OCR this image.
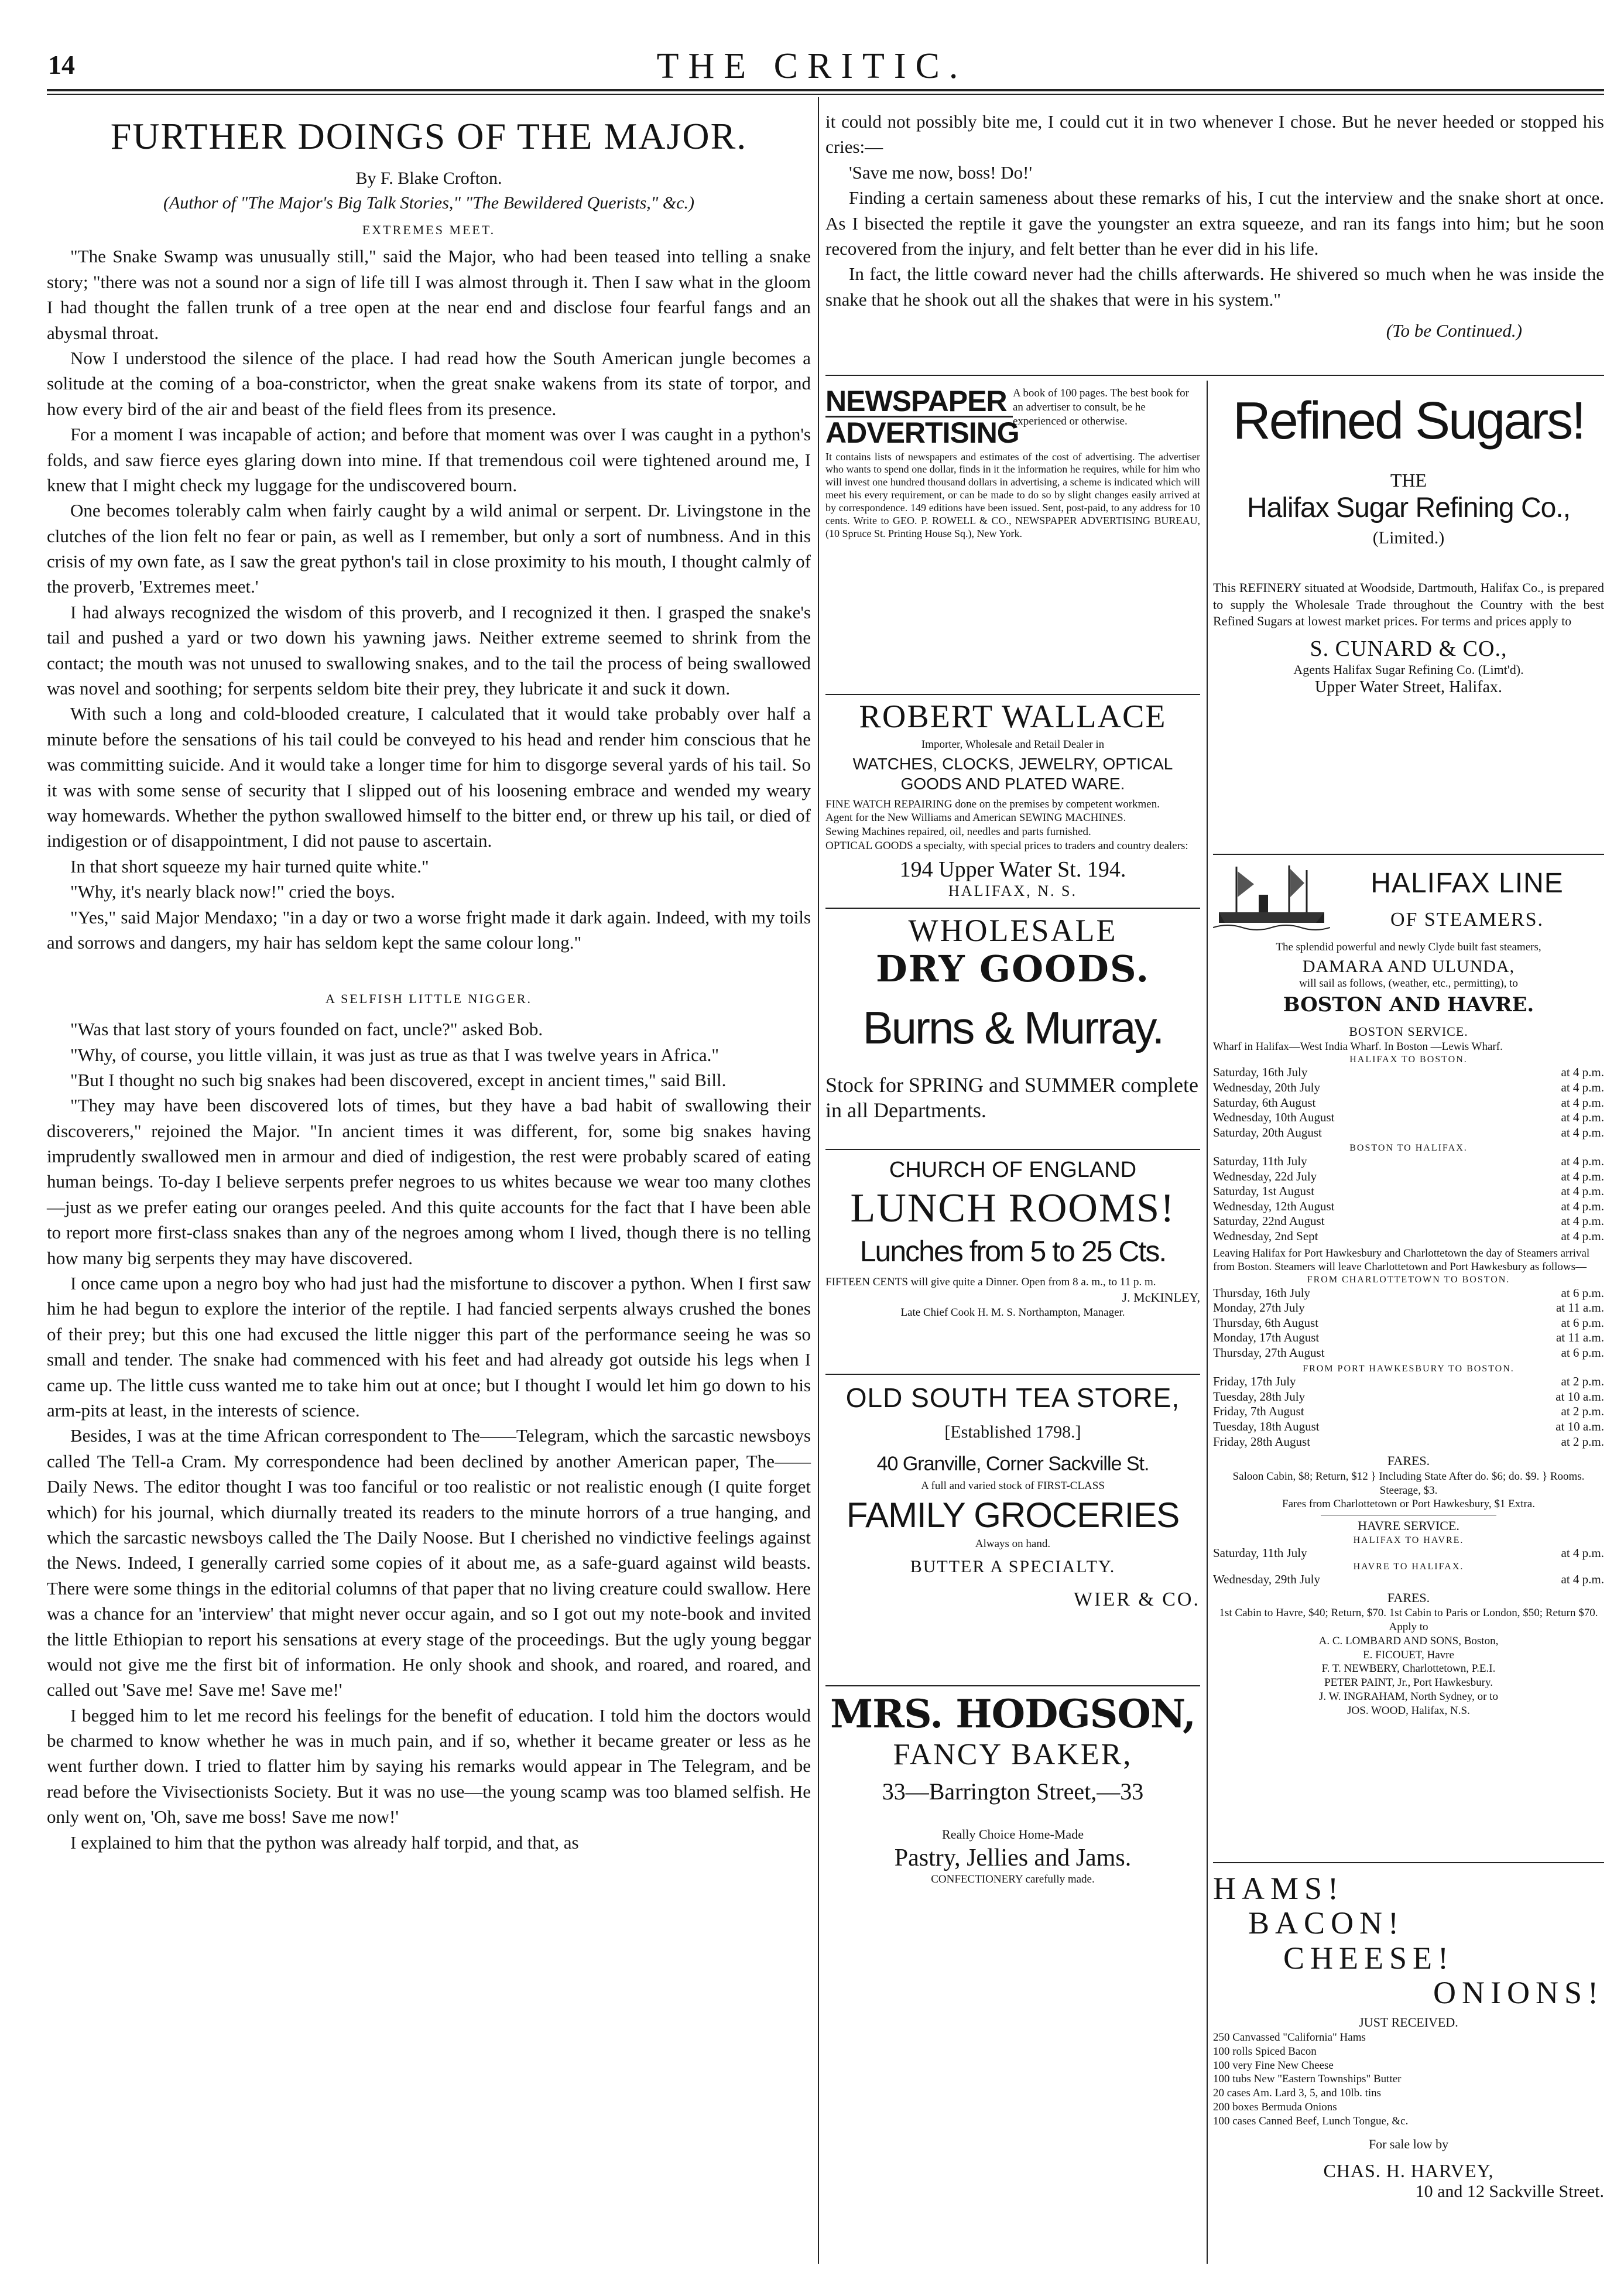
14	THE CRITIC.

FURTHER DOINGS OF THE MAJOR.

By F. Blake Crofton.

(Author of "The Major's Big Talk Stories," "The Bewildered Querists," &c.)

EXTREMES MEET.

"The Snake Swamp was unusually still," said the Major, who had been teased into telling a snake story; "there was not a sound nor a sign of life till I was almost through it. Then I saw what in the gloom I had thought the fallen trunk of a tree open at the near end and disclose four fearful fangs and an abysmal throat.

Now I understood the silence of the place. I had read how the South American jungle becomes a solitude at the coming of a boa-constrictor, when the great snake wakens from its state of torpor, and how every bird of the air and beast of the field flees from its presence.

For a moment I was incapable of action; and before that moment was over I was caught in a python's folds, and saw fierce eyes glaring down into mine. If that tremendous coil were tightened around me, I knew that I might check my luggage for the undiscovered bourn.

One becomes tolerably calm when fairly caught by a wild animal or serpent. Dr. Livingstone in the clutches of the lion felt no fear or pain, as well as I remember, but only a sort of numbness. And in this crisis of my own fate, as I saw the great python's tail in close proximity to his mouth, I thought calmly of the proverb, 'Extremes meet.'

I had always recognized the wisdom of this proverb, and I recognized it then. I grasped the snake's tail and pushed a yard or two down his yawning jaws. Neither extreme seemed to shrink from the contact; the mouth was not unused to swallowing snakes, and to the tail the process of being swallowed was novel and soothing; for serpents seldom bite their prey, they lubricate it and suck it down.

With such a long and cold-blooded creature, I calculated that it would take probably over half a minute before the sensations of his tail could be conveyed to his head and render him conscious that he was committing suicide. And it would take a longer time for him to disgorge several yards of his tail. So it was with some sense of security that I slipped out of his loosening embrace and wended my weary way homewards. Whether the python swallowed himself to the bitter end, or threw up his tail, or died of indigestion or of disappointment, I did not pause to ascertain.

In that short squeeze my hair turned quite white."

"Why, it's nearly black now!" cried the boys.

"Yes," said Major Mendaxo; "in a day or two a worse fright made it dark again. Indeed, with my toils and sorrows and dangers, my hair has seldom kept the same colour long."

A SELFISH LITTLE NIGGER.

"Was that last story of yours founded on fact, uncle?" asked Bob.

"Why, of course, you little villain, it was just as true as that I was twelve years in Africa."

"But I thought no such big snakes had been discovered, except in ancient times," said Bill.

"They may have been discovered lots of times, but they have a bad habit of swallowing their discoverers," rejoined the Major. "In ancient times it was different, for, some big snakes having imprudently swallowed men in armour and died of indigestion, the rest were probably scared of eating human beings. To-day I believe serpents prefer negroes to us whites because we wear too many clothes—just as we prefer eating our oranges peeled. And this quite accounts for the fact that I have been able to report more first-class snakes than any of the negroes among whom I lived, though there is no telling how many big serpents they may have discovered.

I once came upon a negro boy who had just had the misfortune to discover a python. When I first saw him he had begun to explore the interior of the reptile. I had fancied serpents always crushed the bones of their prey; but this one had excused the little nigger this part of the performance seeing he was so small and tender. The snake had commenced with his feet and had already got outside his legs when I came up. The little cuss wanted me to take him out at once; but I thought I would let him go down to his arm-pits at least, in the interests of science.

Besides, I was at the time African correspondent to The——Telegram, which the sarcastic newsboys called The Tell-a Cram. My correspondence had been declined by another American paper, The——Daily News. The editor thought I was too fanciful or too realistic or not realistic enough (I quite forget which) for his journal, which diurnally treated its readers to the minute horrors of a true hanging, and which the sarcastic newsboys called the The Daily Noose. But I cherished no vindictive feelings against the News. Indeed, I generally carried some copies of it about me, as a safe-guard against wild beasts. There were some things in the editorial columns of that paper that no living creature could swallow. Here was a chance for an 'interview' that might never occur again, and so I got out my note-book and invited the little Ethiopian to report his sensations at every stage of the proceedings. But the ugly young beggar would not give me the first bit of information. He only shook and shook, and roared, and roared, and called out 'Save me! Save me! Save me!'

I begged him to let me record his feelings for the benefit of education. I told him the doctors would be charmed to know whether he was in much pain, and if so, whether it became greater or less as he went further down. I tried to flatter him by saying his remarks would appear in The Telegram, and be read before the Vivisectionists Society. But it was no use—the young scamp was too blamed selfish. He only went on, 'Oh, save me boss! Save me now!'

I explained to him that the python was already half torpid, and that, as

it could not possibly bite me, I could cut it in two whenever I chose. But he never heeded or stopped his cries:—

'Save me now, boss! Do!'

Finding a certain sameness about these remarks of his, I cut the interview and the snake short at once. As I bisected the reptile it gave the youngster an extra squeeze, and ran its fangs into him; but he soon recovered from the injury, and felt better than he ever did in his life.

In fact, the little coward never had the chills afterwards. He shivered so much when he was inside the snake that he shook out all the shakes that were in his system."

(To be Continued.)

NEWSPAPER
ADVERTISING
A book of 100 pages. The best book for an advertiser to consult, be he experienced or otherwise.
It contains lists of newspapers and estimates of the cost of advertising. The advertiser who wants to spend one dollar, finds in it the information he requires, while for him who will invest one hundred thousand dollars in advertising, a scheme is indicated which will meet his every requirement, or can be made to do so by slight changes easily arrived at by correspondence. 149 editions have been issued. Sent, post-paid, to any address for 10 cents. Write to GEO. P. ROWELL & CO., NEWSPAPER ADVERTISING BUREAU, (10 Spruce St. Printing House Sq.), New York.
ROBERT WALLACE
Importer, Wholesale and Retail Dealer in
WATCHES, CLOCKS, JEWELRY, OPTICAL GOODS AND PLATED WARE.
FINE WATCH REPAIRING done on the premises by competent workmen.
Agent for the New Williams and American SEWING MACHINES.
Sewing Machines repaired, oil, needles and parts furnished.
OPTICAL GOODS a specialty, with special prices to traders and country dealers:
194 Upper Water St. 194.
HALIFAX, N. S.
WHOLESALE
DRY GOODS.
Burns & Murray.
Stock for SPRING and SUMMER complete in all Departments.
CHURCH OF ENGLAND
LUNCH ROOMS!
Lunches from 5 to 25 Cts.
FIFTEEN CENTS will give quite a Dinner. Open from 8 a. m., to 11 p. m.
J. McKINLEY,
Late Chief Cook H. M. S. Northampton, Manager.
OLD SOUTH TEA STORE,
[Established 1798.]
40 Granville, Corner Sackville St.
A full and varied stock of FIRST-CLASS
FAMILY GROCERIES
Always on hand.
BUTTER A SPECIALTY.
WIER & CO.
MRS. HODGSON,
FANCY BAKER,
33—Barrington Street,—33
Really Choice Home-Made
Pastry, Jellies and Jams.
CONFECTIONERY carefully made.
Refined Sugars!
THE
Halifax Sugar Refining Co.,
(Limited.)
This REFINERY situated at Woodside, Dartmouth, Halifax Co., is prepared to supply the Wholesale Trade throughout the Country with the best Refined Sugars at lowest market prices. For terms and prices apply to
S. CUNARD & CO.,
Agents Halifax Sugar Refining Co. (Limt'd).
Upper Water Street, Halifax.
HALIFAX LINE
OF STEAMERS.
The splendid powerful and newly Clyde built fast steamers,
DAMARA AND ULUNDA,
will sail as follows, (weather, etc., permitting), to
BOSTON AND HAVRE.
BOSTON SERVICE.
Wharf in Halifax—West India Wharf. In Boston —Lewis Wharf.
HALIFAX TO BOSTON.
Saturday, 16th July	at 4 p.m.
Wednesday, 20th July	at 4 p.m.
Saturday, 6th August	at 4 p.m.
Wednesday, 10th August	at 4 p.m.
Saturday, 20th August	at 4 p.m.
BOSTON TO HALIFAX.
Saturday, 11th July	at 4 p.m.
Wednesday, 22d July	at 4 p.m.
Saturday, 1st August	at 4 p.m.
Wednesday, 12th August	at 4 p.m.
Saturday, 22nd August	at 4 p.m.
Wednesday, 2nd Sept	at 4 p.m.
Leaving Halifax for Port Hawkesbury and Charlottetown the day of Steamers arrival from Boston. Steamers will leave Charlottetown and Port Hawkesbury as follows—
FROM CHARLOTTETOWN TO BOSTON.
Thursday, 16th July	at 6 p.m.
Monday, 27th July	at 11 a.m.
Thursday, 6th August	at 6 p.m.
Monday, 17th August	at 11 a.m.
Thursday, 27th August	at 6 p.m.
FROM PORT HAWKESBURY TO BOSTON.
Friday, 17th July	at 2 p.m.
Tuesday, 28th July	at 10 a.m.
Friday, 7th August	at 2 p.m.
Tuesday, 18th August	at 10 a.m.
Friday, 28th August	at 2 p.m.
FARES.
Saloon Cabin, $8; Return, $12 } Including State After do. $6; do. $9. } Rooms. Steerage, $3.
Fares from Charlottetown or Port Hawkesbury, $1 Extra.
HAVRE SERVICE.
HALIFAX TO HAVRE.
Saturday, 11th July	at 4 p.m.
HAVRE TO HALIFAX.
Wednesday, 29th July	at 4 p.m.
FARES.
1st Cabin to Havre, $40; Return, $70. 1st Cabin to Paris or London, $50; Return $70.
Apply to
A. C. LOMBARD AND SONS, Boston,
E. FICOUET, Havre
F. T. NEWBERY, Charlottetown, P.E.I.
PETER PAINT, Jr., Port Hawkesbury.
J. W. INGRAHAM, North Sydney, or to
JOS. WOOD, Halifax, N.S.
HAMS!
BACON!
CHEESE!
ONIONS!
JUST RECEIVED.
250 Canvassed "California" Hams
100 rolls Spiced Bacon
100 very Fine New Cheese
100 tubs New "Eastern Townships" Butter
20 cases Am. Lard 3, 5, and 10lb. tins
200 boxes Bermuda Onions
100 cases Canned Beef, Lunch Tongue, &c.
For sale low by
CHAS. H. HARVEY,
10 and 12 Sackville Street.
